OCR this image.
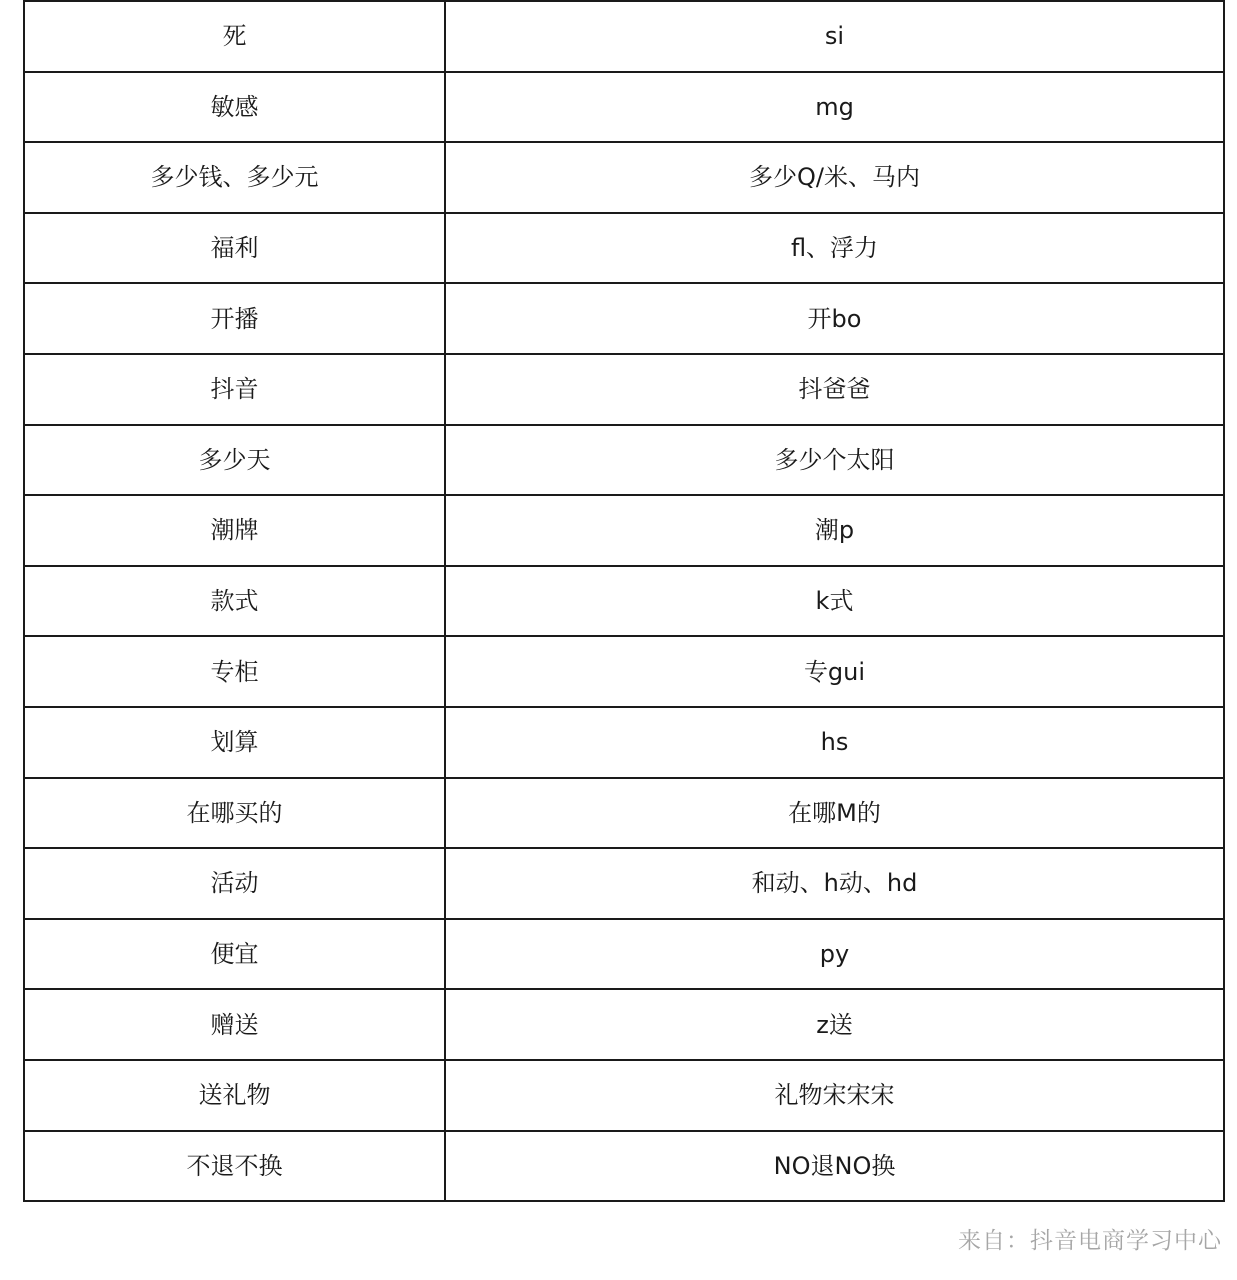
死	si
敏感	mg
多少钱、多少元	多少Q/米、马内
福利	fl、浮力
开播	开bo
抖音	抖爸爸
多少天	多少个太阳
潮牌	潮p
款式	k式
专柜	专gui
划算	hs
在哪买的	在哪M的
活动	和动、h动、hd
便宜	py
赠送	z送
送礼物	礼物宋宋宋
不退不换	NO退NO换
来自：抖音电商学习中心
